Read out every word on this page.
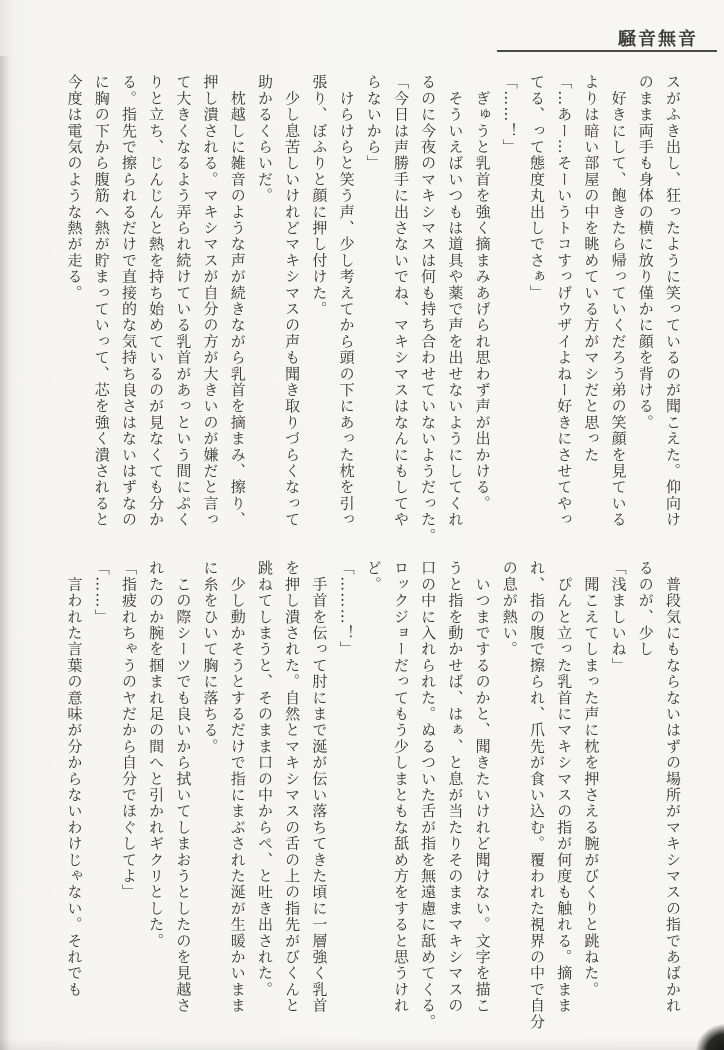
騒音無音
スがふき出し、狂ったように笑っているのが聞こえた。仰向け
のまま両手も身体の横に放り僅かに顔を背ける。
　好きにして、飽きたら帰っていくだろう弟の笑顔を見ている
よりは暗い部屋の中を眺めている方がマシだと思った
「…あー…そーいうトコすっげウザイよねー好きにさせてやっ
てる、って態度丸出しでさぁ」
「……！」
　ぎゅうと乳首を強く摘まみあげられ思わず声が出かける。
　そういえばいつもは道具や薬で声を出せないようにしてくれ
るのに今夜のマキシマスは何も持ち合わせていないようだった。
「今日は声勝手に出さないでね、マキシマスはなんにもしてや
らないから」
　けらけらと笑う声、少し考えてから頭の下にあった枕を引っ
張り、ぼふりと顔に押し付けた。
　少し息苦しいけれどマキシマスの声も聞き取りづらくなって
助かるくらいだ。
　枕越しに雑音のような声が続きながら乳首を摘まみ、擦り、
押し潰される。マキシマスが自分の方が大きいのが嫌だと言っ
て大きくなるよう弄られ続けている乳首があっという間にぷく
りと立ち、じんじんと熱を持ち始めているのが見なくても分か
る。指先で擦られるだけで直接的な気持ち良さはないはずなの
に胸の下から腹筋へ熱が貯まっていって、芯を強く潰されると
今度は電気のような熱が走る。
　普段気にもならないはずの場所がマキシマスの指であばかれ
るのが、少し
「浅ましいね」
　聞こえてしまった声に枕を押さえる腕がびくりと跳ねた。
　ぴんと立った乳首にマキシマスの指が何度も触れる。摘まま
れ、指の腹で擦られ、爪先が食い込む。覆われた視界の中で自分
の息が熱い。
　いつまでするのかと、聞きたいけれど聞けない。文字を描こ
うと指を動かせば、はぁ、と息が当たりそのままマキシマスの
口の中に入れられた。ぬるついた舌が指を無遠慮に舐めてくる。
ロックジョーだってもう少しまともな舐め方をすると思うけれ
ど。
「………！」
　手首を伝って肘にまで涎が伝い落ちてきた頃に一層強く乳首
を押し潰された。自然とマキシマスの舌の上の指先がびくんと
跳ねてしまうと、そのまま口の中からぺ、と吐き出された。
　少し動かそうとするだけで指にまぶされた涎が生暖かいまま
に糸をひいて胸に落ちる。
　この際シーツでも良いから拭いてしまおうとしたのを見越さ
れたのか腕を掴まれ足の間へと引かれギクリとした。
「指疲れちゃうのヤだから自分でほぐしてよ」
「……」
　言われた言葉の意味が分からないわけじゃない。それでも
